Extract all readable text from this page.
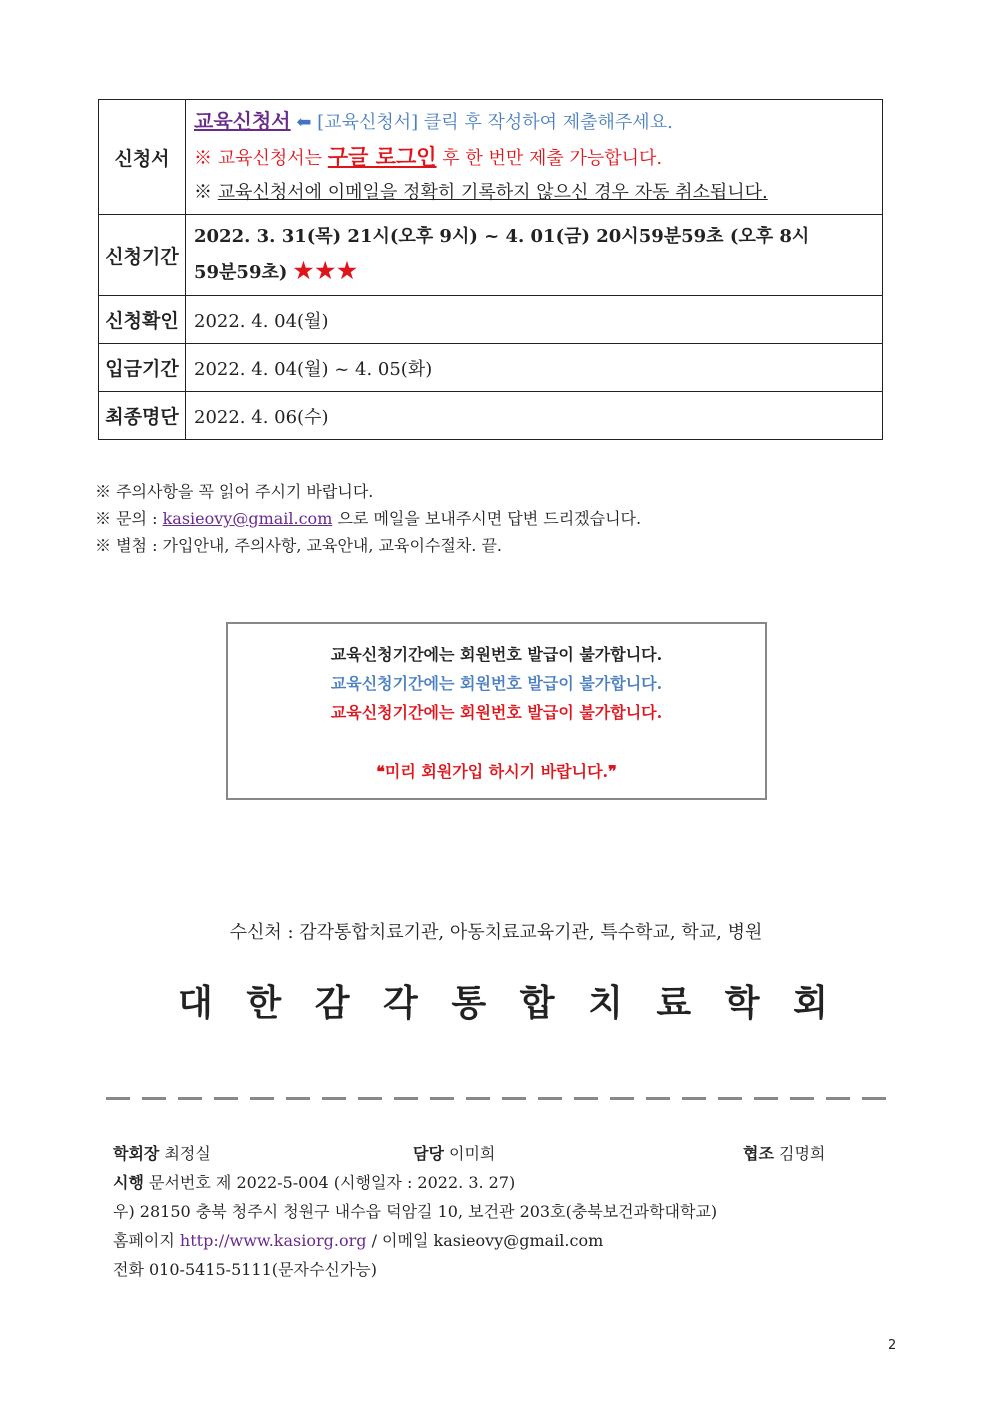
신청서	교육신청서 ⬅ [교육신청서] 클릭 후 작성하여 제출해주세요.
※ 교육신청서는 구글 로그인 후 한 번만 제출 가능합니다.
※ 교육신청서에 이메일을 정확히 기록하지 않으신 경우 자동 취소됩니다.

신청기간	2022. 3. 31(목) 21시(오후 9시) ~ 4. 01(금) 20시59분59초 (오후 8시
59분59초) ★★★

신청확인	2022. 4. 04(월)
입금기간	2022. 4. 04(월) ~ 4. 05(화)
최종명단	2022. 4. 06(수)
※ 주의사항을 꼭 읽어 주시기 바랍니다.
※ 문의 : kasieovy@gmail.com 으로 메일을 보내주시면 답변 드리겠습니다.
※ 별첨 : 가입안내, 주의사항, 교육안내, 교육이수절차. 끝.
교육신청기간에는 회원번호 발급이 불가합니다.
교육신청기간에는 회원번호 발급이 불가합니다.
교육신청기간에는 회원번호 발급이 불가합니다.
❝미리 회원가입 하시기 바랍니다.❞
수신처 : 감각통합치료기관, 아동치료교육기관, 특수학교, 학교, 병원
대 한 감 각 통 합 치 료 학 회
학회장 최정실	담당 이미희	협조 김명희
시행 문서번호 제 2022-5-004 (시행일자 : 2022. 3. 27)
우) 28150 충북 청주시 청원구 내수읍 덕암길 10, 보건관 203호(충북보건과학대학교)
홈페이지 http://www.kasiorg.org / 이메일 kasieovy@gmail.com
전화 010-5415-5111(문자수신가능)
2
